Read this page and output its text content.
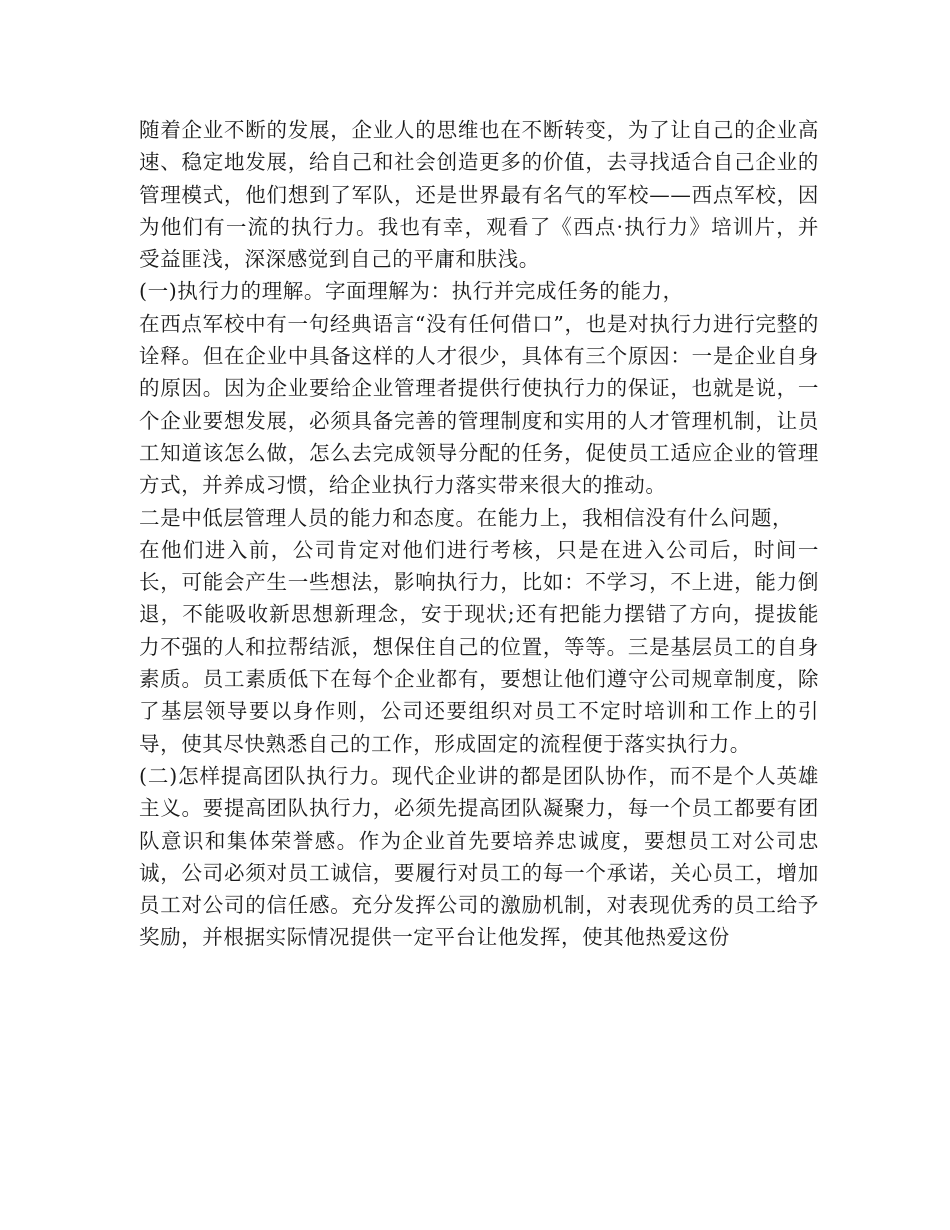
随着企业不断的发展，企业人的思维也在不断转变，为了让自己的企业高速、稳定地发展，给自己和社会创造更多的价值，去寻找适合自己企业的管理模式，他们想到了军队，还是世界最有名气的军校——西点军校，因为他们有一流的执行力。我也有幸，观看了《西点·执行力》培训片，并受益匪浅，深深感觉到自己的平庸和肤浅。

(一)执行力的理解。字面理解为：执行并完成任务的能力，

在西点军校中有一句经典语言“没有任何借口”，也是对执行力进行完整的诠释。但在企业中具备这样的人才很少，具体有三个原因：一是企业自身的原因。因为企业要给企业管理者提供行使执行力的保证，也就是说，一个企业要想发展，必须具备完善的管理制度和实用的人才管理机制，让员工知道该怎么做，怎么去完成领导分配的任务，促使员工适应企业的管理方式，并养成习惯，给企业执行力落实带来很大的推动。

二是中低层管理人员的能力和态度。在能力上，我相信没有什么问题，

在他们进入前，公司肯定对他们进行考核，只是在进入公司后，时间一长，可能会产生一些想法，影响执行力，比如：不学习，不上进，能力倒退，不能吸收新思想新理念，安于现状;还有把能力摆错了方向，提拔能力不强的人和拉帮结派，想保住自己的位置，等等。三是基层员工的自身素质。员工素质低下在每个企业都有，要想让他们遵守公司规章制度，除了基层领导要以身作则，公司还要组织对员工不定时培训和工作上的引导，使其尽快熟悉自己的工作，形成固定的流程便于落实执行力。

(二)怎样提高团队执行力。现代企业讲的都是团队协作，而不是个人英雄主义。要提高团队执行力，必须先提高团队凝聚力，每一个员工都要有团队意识和集体荣誉感。作为企业首先要培养忠诚度，要想员工对公司忠诚，公司必须对员工诚信，要履行对员工的每一个承诺，关心员工，增加员工对公司的信任感。充分发挥公司的激励机制，对表现优秀的员工给予奖励，并根据实际情况提供一定平台让他发挥，使其他热爱这份
